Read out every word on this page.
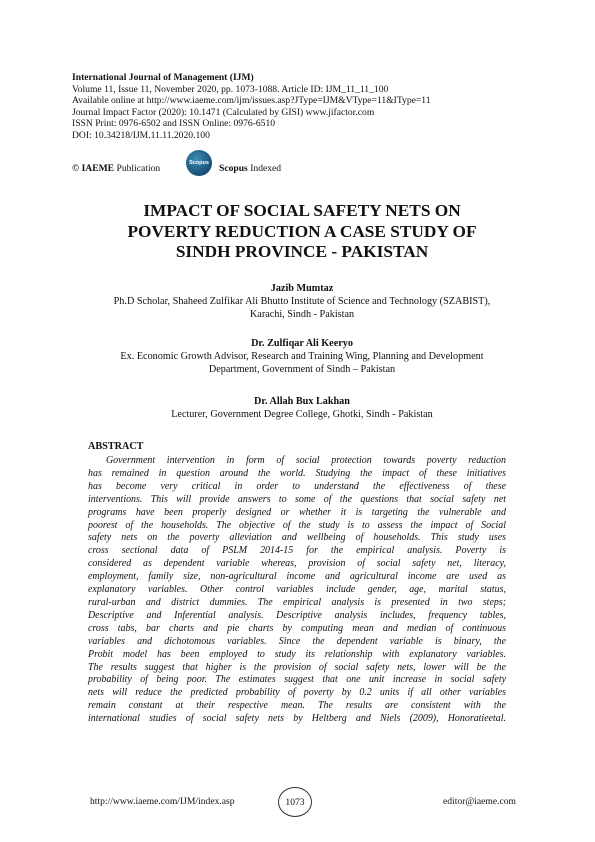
International Journal of Management (IJM)
Volume 11, Issue 11, November 2020, pp. 1073-1088. Article ID: IJM_11_11_100
Available online at http://www.iaeme.com/ijm/issues.asp?JType=IJM&VType=11&IType=11
Journal Impact Factor (2020): 10.1471 (Calculated by GISI) www.jifactor.com
ISSN Print: 0976-6502 and ISSN Online: 0976-6510
DOI: 10.34218/IJM.11.11.2020.100
© IAEME Publication	Scopus Scopus Indexed
IMPACT OF SOCIAL SAFETY NETS ON
POVERTY REDUCTION A CASE STUDY OF
SINDH PROVINCE - PAKISTAN
Jazib Mumtaz
Ph.D Scholar, Shaheed Zulfikar Ali Bhutto Institute of Science and Technology (SZABIST),
Karachi, Sindh - Pakistan
Dr. Zulfiqar Ali Keeryo
Ex. Economic Growth Advisor, Research and Training Wing, Planning and Development
Department, Government of Sindh – Pakistan
Dr. Allah Bux Lakhan
Lecturer, Government Degree College, Ghotki, Sindh - Pakistan
ABSTRACT
Government intervention in form of social protection towards poverty reduction
has remained in question around the world. Studying the impact of these initiatives
has become very critical in order to understand the effectiveness of these
interventions. This will provide answers to some of the questions that social safety net
programs have been properly designed or whether it is targeting the vulnerable and
poorest of the households. The objective of the study is to assess the impact of Social
safety nets on the poverty alleviation and wellbeing of households. This study uses
cross sectional data of PSLM 2014-15 for the empirical analysis. Poverty is
considered as dependent variable whereas, provision of social safety net, literacy,
employment, family size, non-agricultural income and agricultural income are used as
explanatory variables. Other control variables include gender, age, marital status,
rural-urban and district dummies. The empirical analysis is presented in two steps;
Descriptive and Inferential analysis. Descriptive analysis includes, frequency tables,
cross tabs, bar charts and pie charts by computing mean and median of continuous
variables and dichotomous variables. Since the dependent variable is binary, the
Probit model has been employed to study its relationship with explanatory variables.
The results suggest that higher is the provision of social safety nets, lower will be the
probability of being poor. The estimates suggest that one unit increase in social safety
nets will reduce the predicted probability of poverty by 0.2 units if all other variables
remain constant at their respective mean. The results are consistent with the
international studies of social safety nets by Heltberg and Niels (2009), Honoratieetal.
http://www.iaeme.com/IJM/index.asp	1073	editor@iaeme.com
